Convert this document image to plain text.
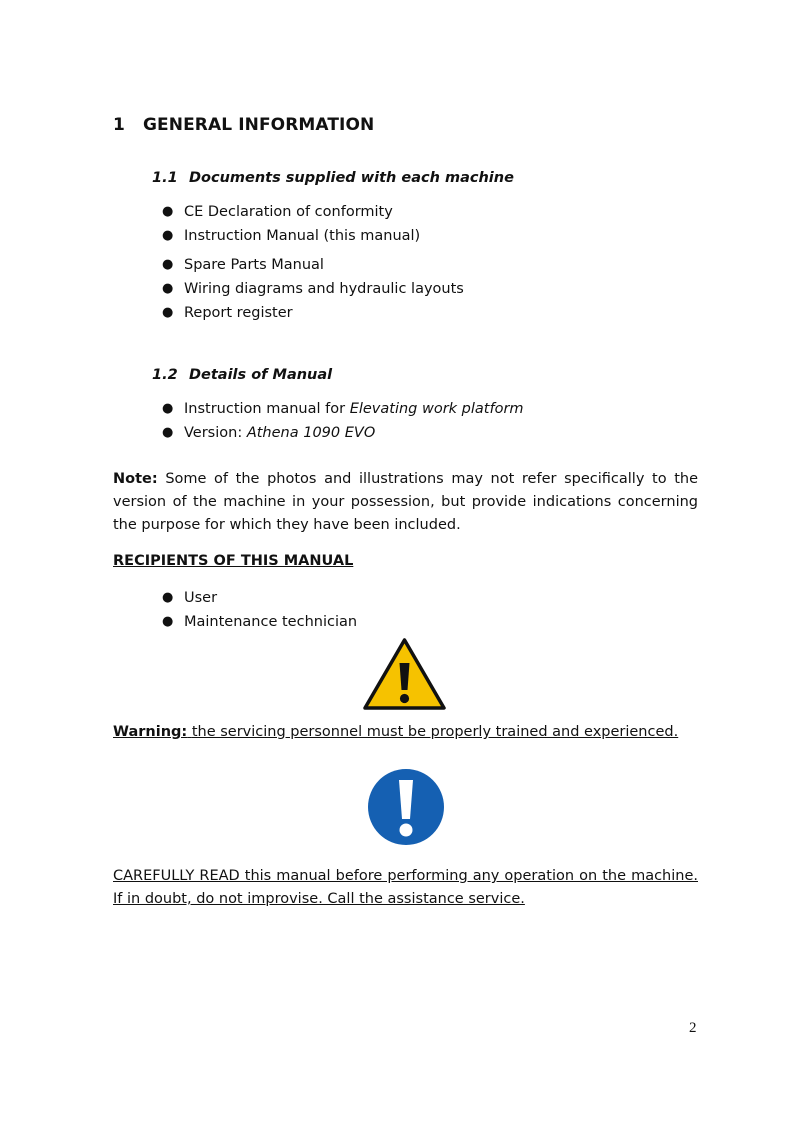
1 GENERAL INFORMATION
1.1 Documents supplied with each machine
● CE Declaration of conformity
● Instruction Manual (this manual)
● Spare Parts Manual
● Wiring diagrams and hydraulic layouts
● Report register
1.2 Details of Manual
● Instruction manual for Elevating work platform
● Version: Athena 1090 EVO
Note: Some of the photos and illustrations may not refer specifically to the version of the machine in your possession, but provide indications concerning the purpose for which they have been included.
RECIPIENTS OF THIS MANUAL
● User
● Maintenance technician
Warning: the servicing personnel must be properly trained and experienced.
CAREFULLY READ this manual before performing any operation on the machine.
If in doubt, do not improvise. Call the assistance service.
2
